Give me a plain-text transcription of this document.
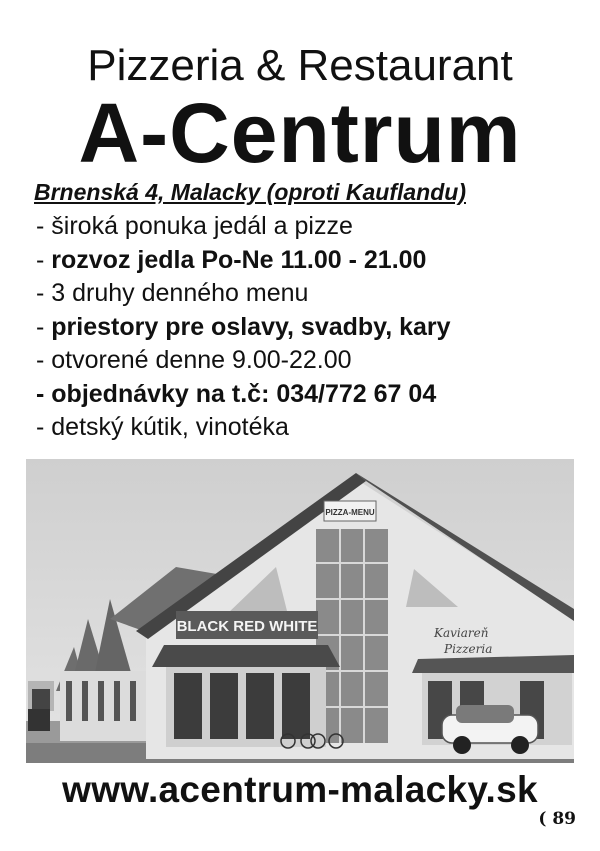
Pizzeria & Restaurant
A-Centrum
Brnenská 4, Malacky (oproti Kauflandu)
- široká ponuka jedál a pizze
- rozvoz jedla Po-Ne 11.00 - 21.00
- 3 druhy denného menu
- priestory pre oslavy, svadby, kary
- otvorené denne 9.00-22.00
- objednávky na t.č: 034/772 67 04
- detský kútik, vinotéka
PIZZA-MENU
BLACK RED WHITE	Kaviareň
Pizzeria
www.acentrum-malacky.sk
( 89
